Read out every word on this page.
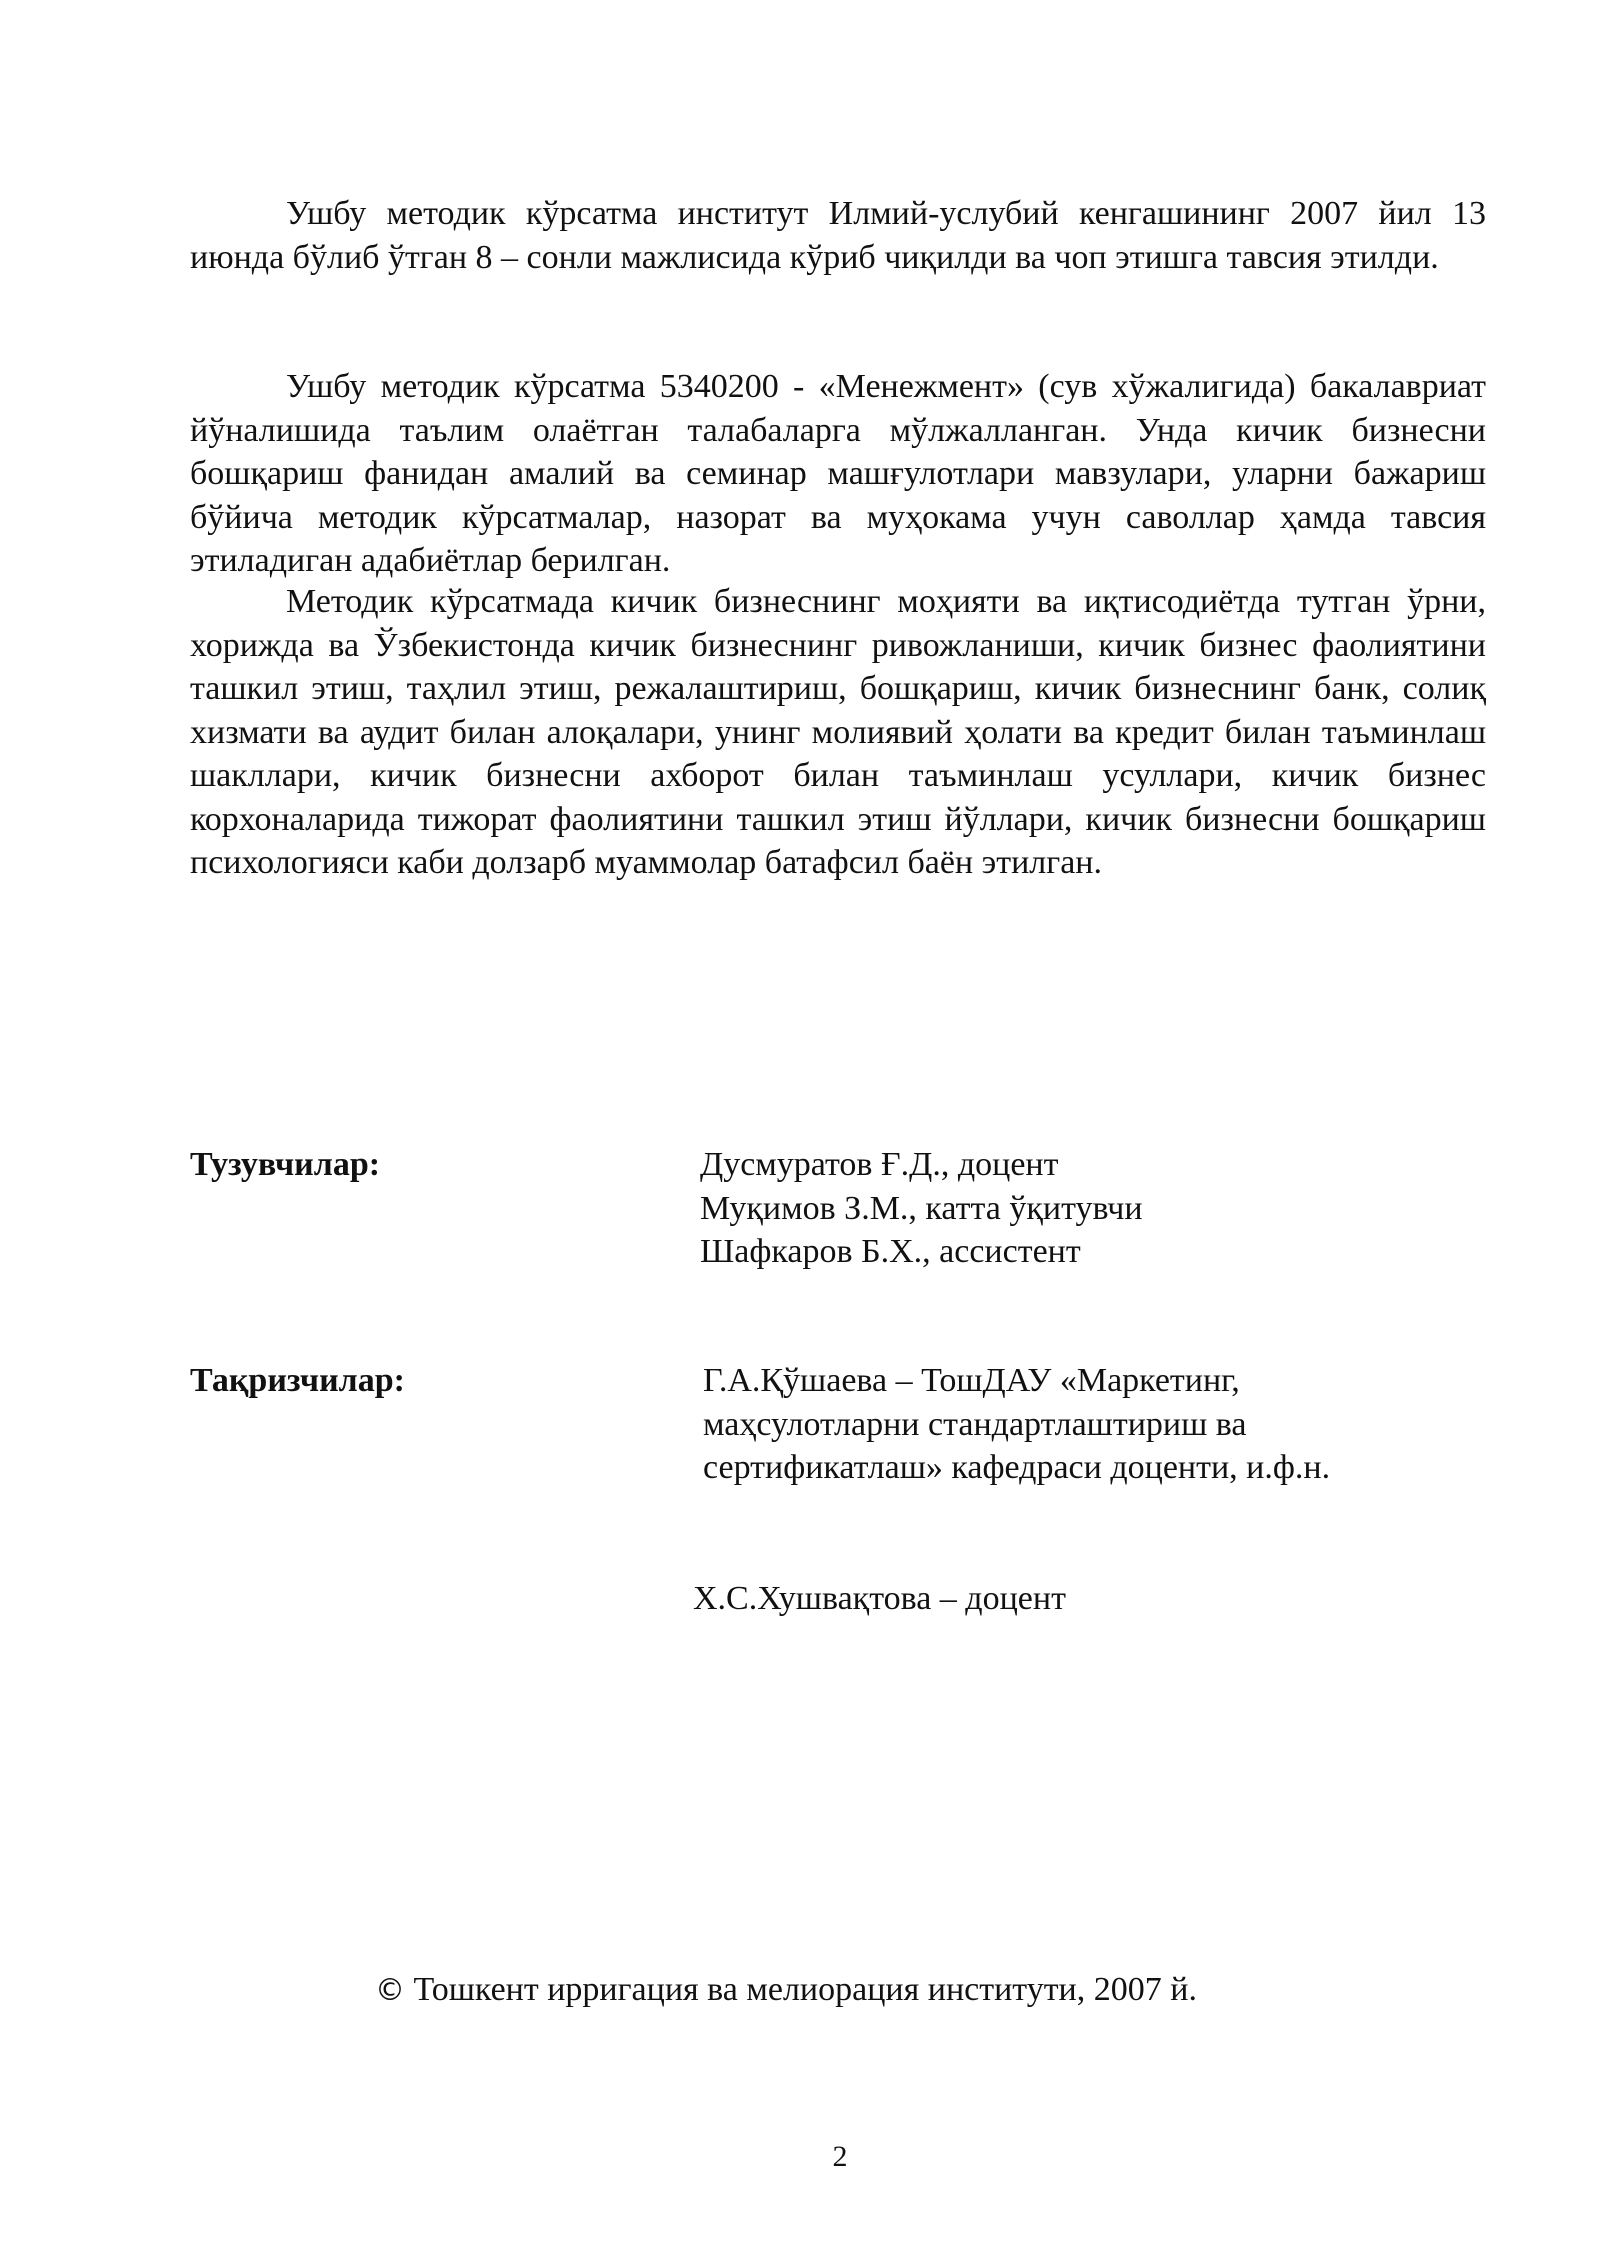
Ушбу методик кўрсатма институт Илмий-услубий кенгашининг 2007 йил 13 июнда бўлиб ўтган 8 – сонли мажлисида кўриб чиқилди ва чоп этишга тавсия этилди.

Ушбу методик кўрсатма 5340200 - «Менежмент» (сув хўжалигида) бакалавриат йўналишида таълим олаётган талабаларга мўлжалланган. Унда кичик бизнесни бошқариш фанидан амалий ва семинар машғулотлари мавзулари, уларни бажариш бўйича методик кўрсатмалар, назорат ва муҳокама учун саволлар ҳамда тавсия этиладиган адабиётлар берилган.

Методик кўрсатмада кичик бизнеснинг моҳияти ва иқтисодиётда тутган ўрни, хорижда ва Ўзбекистонда кичик бизнеснинг ривожланиши, кичик бизнес фаолиятини ташкил этиш, таҳлил этиш, режалаштириш, бошқариш, кичик бизнеснинг банк, солиқ хизмати ва аудит билан алоқалари, унинг молиявий ҳолати ва кредит билан таъминлаш шакллари, кичик бизнесни ахборот билан таъминлаш усуллари, кичик бизнес корхоналарида тижорат фаолиятини ташкил этиш йўллари, кичик бизнесни бошқариш психологияси каби долзарб муаммолар батафсил баён этилган.

Тузувчилар:	Дусмуратов Ғ.Д., доцент
Муқимов З.М., катта ўқитувчи
Шафкаров Б.Х., ассистент

Тақризчилар:	Г.А.Қўшаева – ТошДАУ «Маркетинг,
маҳсулотларни стандартлаштириш ва
сертификатлаш» кафедраси доценти, и.ф.н.
Х.С.Хушвақтова – доцент
© Тошкент ирригация ва мелиорация институти, 2007 й.
2
